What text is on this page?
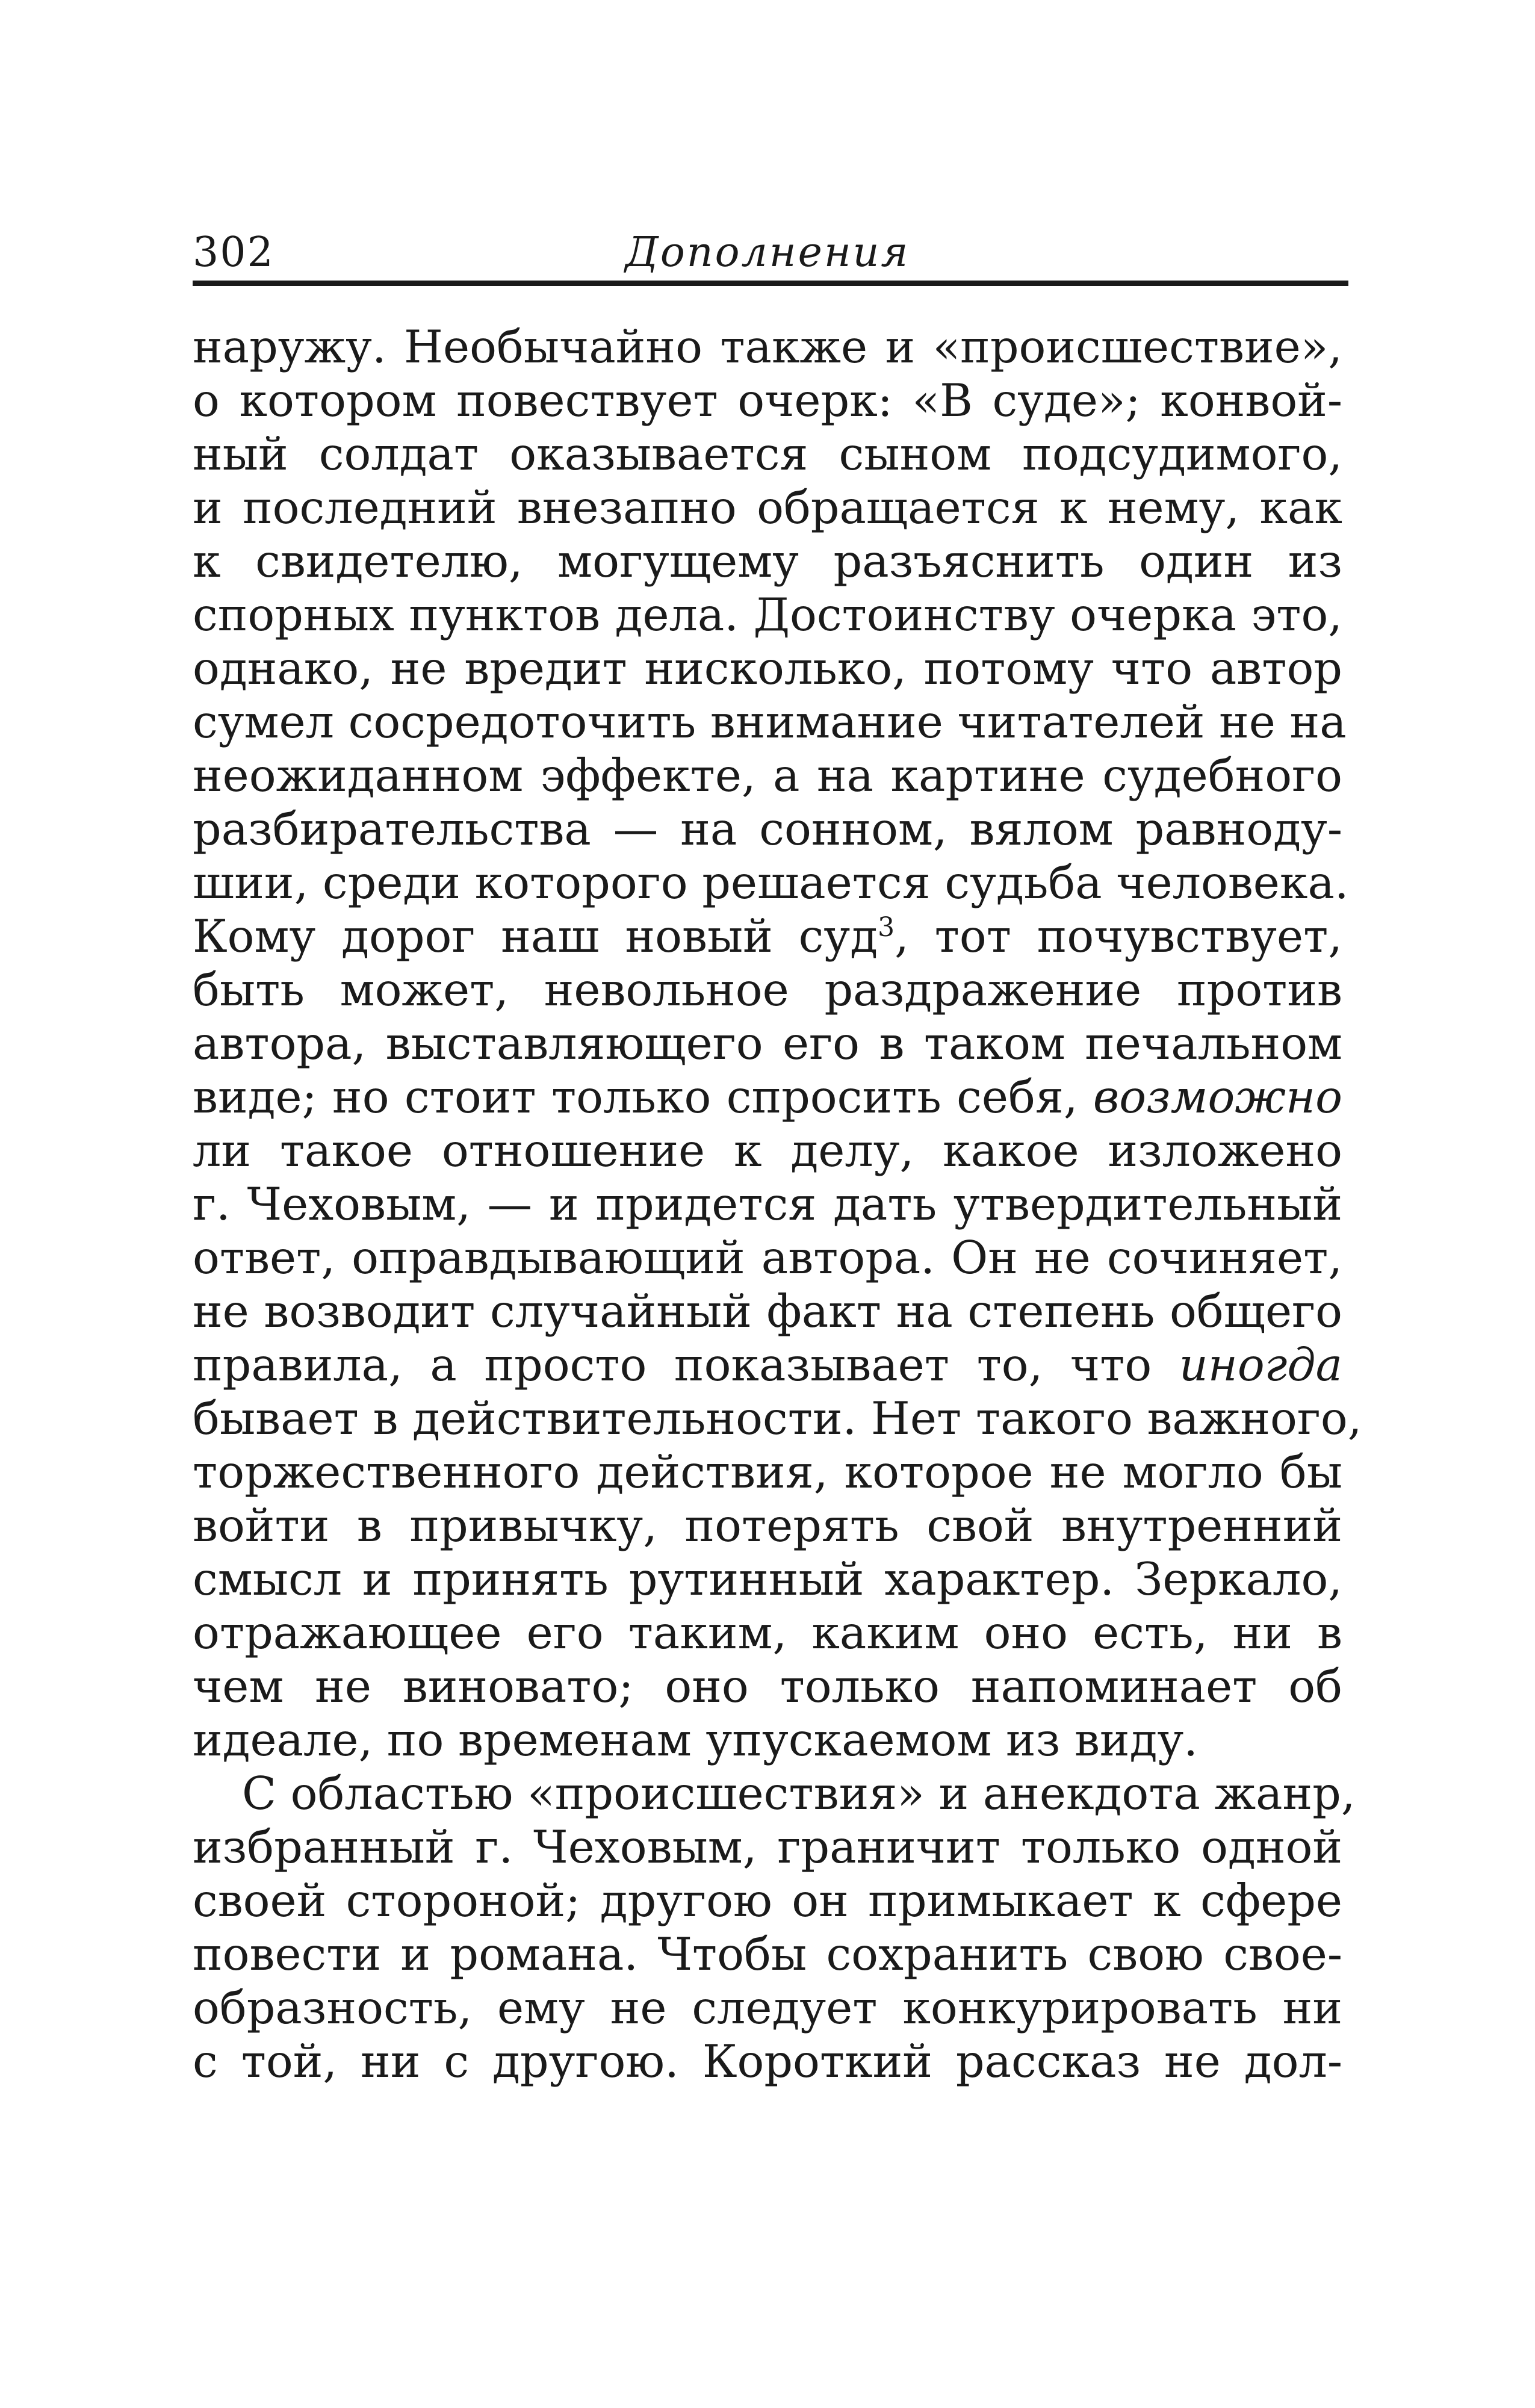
302	Дополнения
наружу. Необычайно также и «происшествие»,
о котором повествует очерк: «В суде»; конвой-
ный солдат оказывается сыном подсудимого,
и последний внезапно обращается к нему, как
к свидетелю, могущему разъяснить один из
спорных пунктов дела. Достоинству очерка это,
однако, не вредит нисколько, потому что автор
сумел сосредоточить внимание читателей не на
неожиданном эффекте, а на картине судебного
разбирательства — на сонном, вялом равноду-
шии, среди которого решается судьба человека.
Кому дорог наш новый суд$^3$, тот почувствует,
быть может, невольное раздражение против
автора, выставляющего его в таком печальном
виде; но стоит только спросить себя, возможно
ли такое отношение к делу, какое изложено
г. Чеховым, — и придется дать утвердительный
ответ, оправдывающий автора. Он не сочиняет,
не возводит случайный факт на степень общего
правила, а просто показывает то, что иногда
бывает в действительности. Нет такого важного,
торжественного действия, которое не могло бы
войти в привычку, потерять свой внутренний
смысл и принять рутинный характер. Зеркало,
отражающее его таким, каким оно есть, ни в
чем не виновато; оно только напоминает об
идеале, по временам упускаемом из виду.
С областью «происшествия» и анекдота жанр,
избранный г. Чеховым, граничит только одной
своей стороной; другою он примыкает к сфере
повести и романа. Чтобы сохранить свою свое-
образность, ему не следует конкурировать ни
с той, ни с другою. Короткий рассказ не дол-
